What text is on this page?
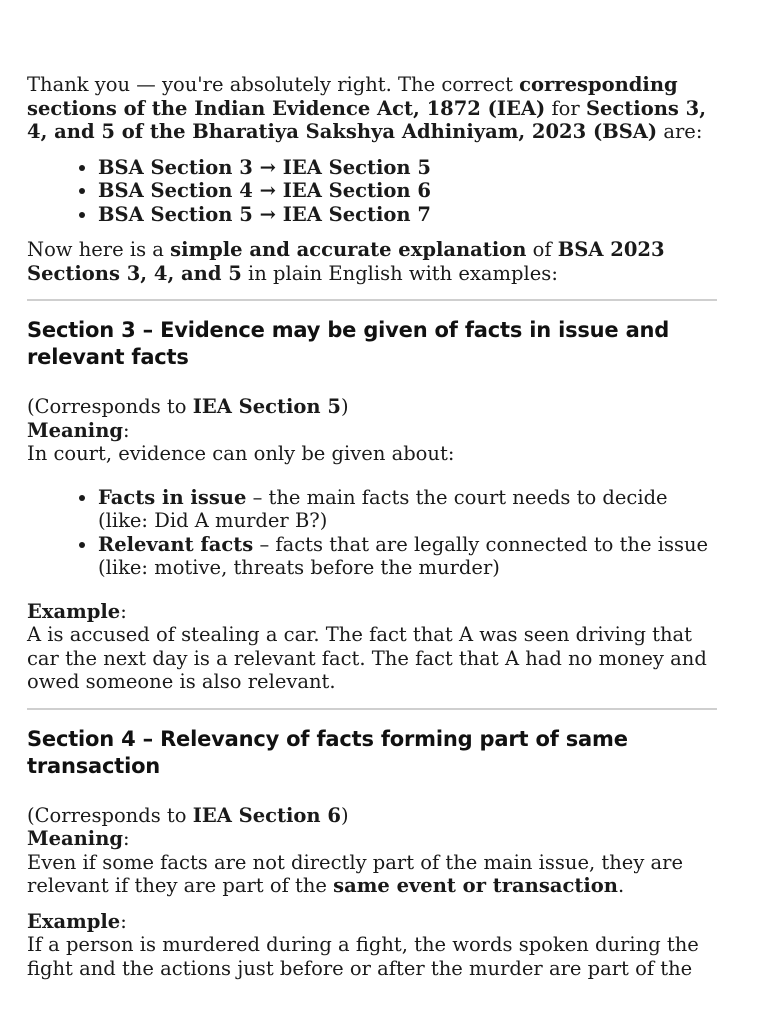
Thank you — you're absolutely right. The correct corresponding sections of the Indian Evidence Act, 1872 (IEA) for Sections 3, 4, and 5 of the Bharatiya Sakshya Adhiniyam, 2023 (BSA) are:

• BSA Section 3 → IEA Section 5
• BSA Section 4 → IEA Section 6
• BSA Section 5 → IEA Section 7

Now here is a simple and accurate explanation of BSA 2023 Sections 3, 4, and 5 in plain English with examples:

Section 3 – Evidence may be given of facts in issue and relevant facts

(Corresponds to IEA Section 5)

Meaning:

In court, evidence can only be given about:

• Facts in issue – the main facts the court needs to decide (like: Did A murder B?)
• Relevant facts – facts that are legally connected to the issue (like: motive, threats before the murder)

Example:

A is accused of stealing a car. The fact that A was seen driving that car the next day is a relevant fact. The fact that A had no money and owed someone is also relevant.

Section 4 – Relevancy of facts forming part of same transaction

(Corresponds to IEA Section 6)

Meaning:

Even if some facts are not directly part of the main issue, they are relevant if they are part of the same event or transaction.

Example:

If a person is murdered during a fight, the words spoken during the fight and the actions just before or after the murder are part of the
